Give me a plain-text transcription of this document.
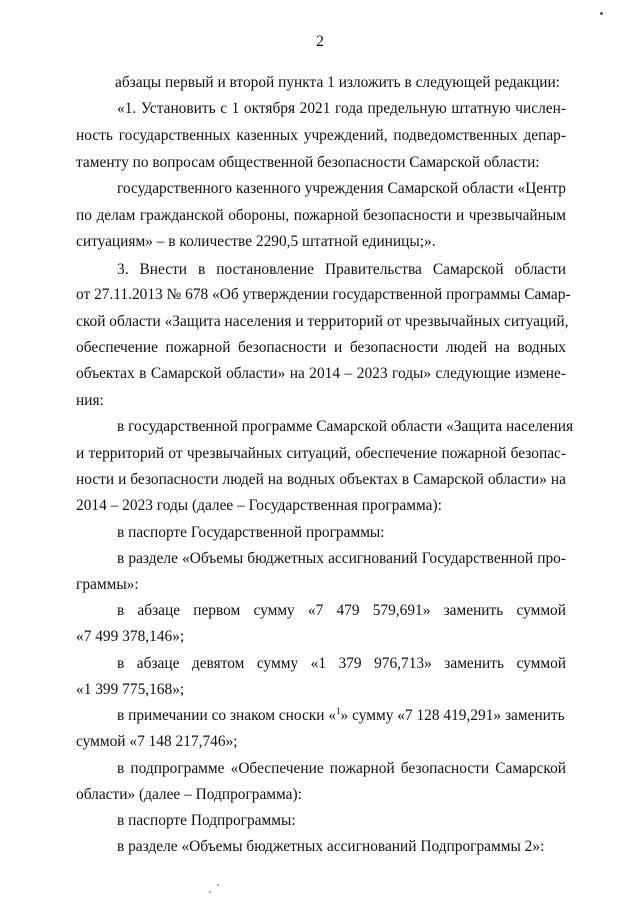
2
абзацы первый и второй пункта 1 изложить в следующей редакции:
«1. Установить с 1 октября 2021 года предельную штатную числен-
ность государственных казенных учреждений, подведомственных депар-
таменту по вопросам общественной безопасности Самарской области:
государственного казенного учреждения Самарской области «Центр
по делам гражданской обороны, пожарной безопасности и чрезвычайным
ситуациям» – в количестве 2290,5 штатной единицы;».
3. Внести в постановление Правительства Самарской области
от 27.11.2013 № 678 «Об утверждении государственной программы Самар-
ской области «Защита населения и территорий от чрезвычайных ситуаций,
обеспечение пожарной безопасности и безопасности людей на водных
объектах в Самарской области» на 2014 – 2023 годы» следующие измене-
ния:
в государственной программе Самарской области «Защита населения
и территорий от чрезвычайных ситуаций, обеспечение пожарной безопас-
ности и безопасности людей на водных объектах в Самарской области» на
2014 – 2023 годы (далее – Государственная программа):
в паспорте Государственной программы:
в разделе «Объемы бюджетных ассигнований Государственной про-
граммы»:
в абзаце первом сумму «7 479 579,691» заменить суммой
«7 499 378,146»;
в абзаце девятом сумму «1 379 976,713» заменить суммой
«1 399 775,168»;
в примечании со знаком сноски «$^1$» сумму «7 128 419,291» заменить
суммой «7 148 217,746»;
в подпрограмме «Обеспечение пожарной безопасности Самарской
области» (далее – Подпрограмма):
в паспорте Подпрограммы:
в разделе «Объемы бюджетных ассигнований Подпрограммы 2»:
